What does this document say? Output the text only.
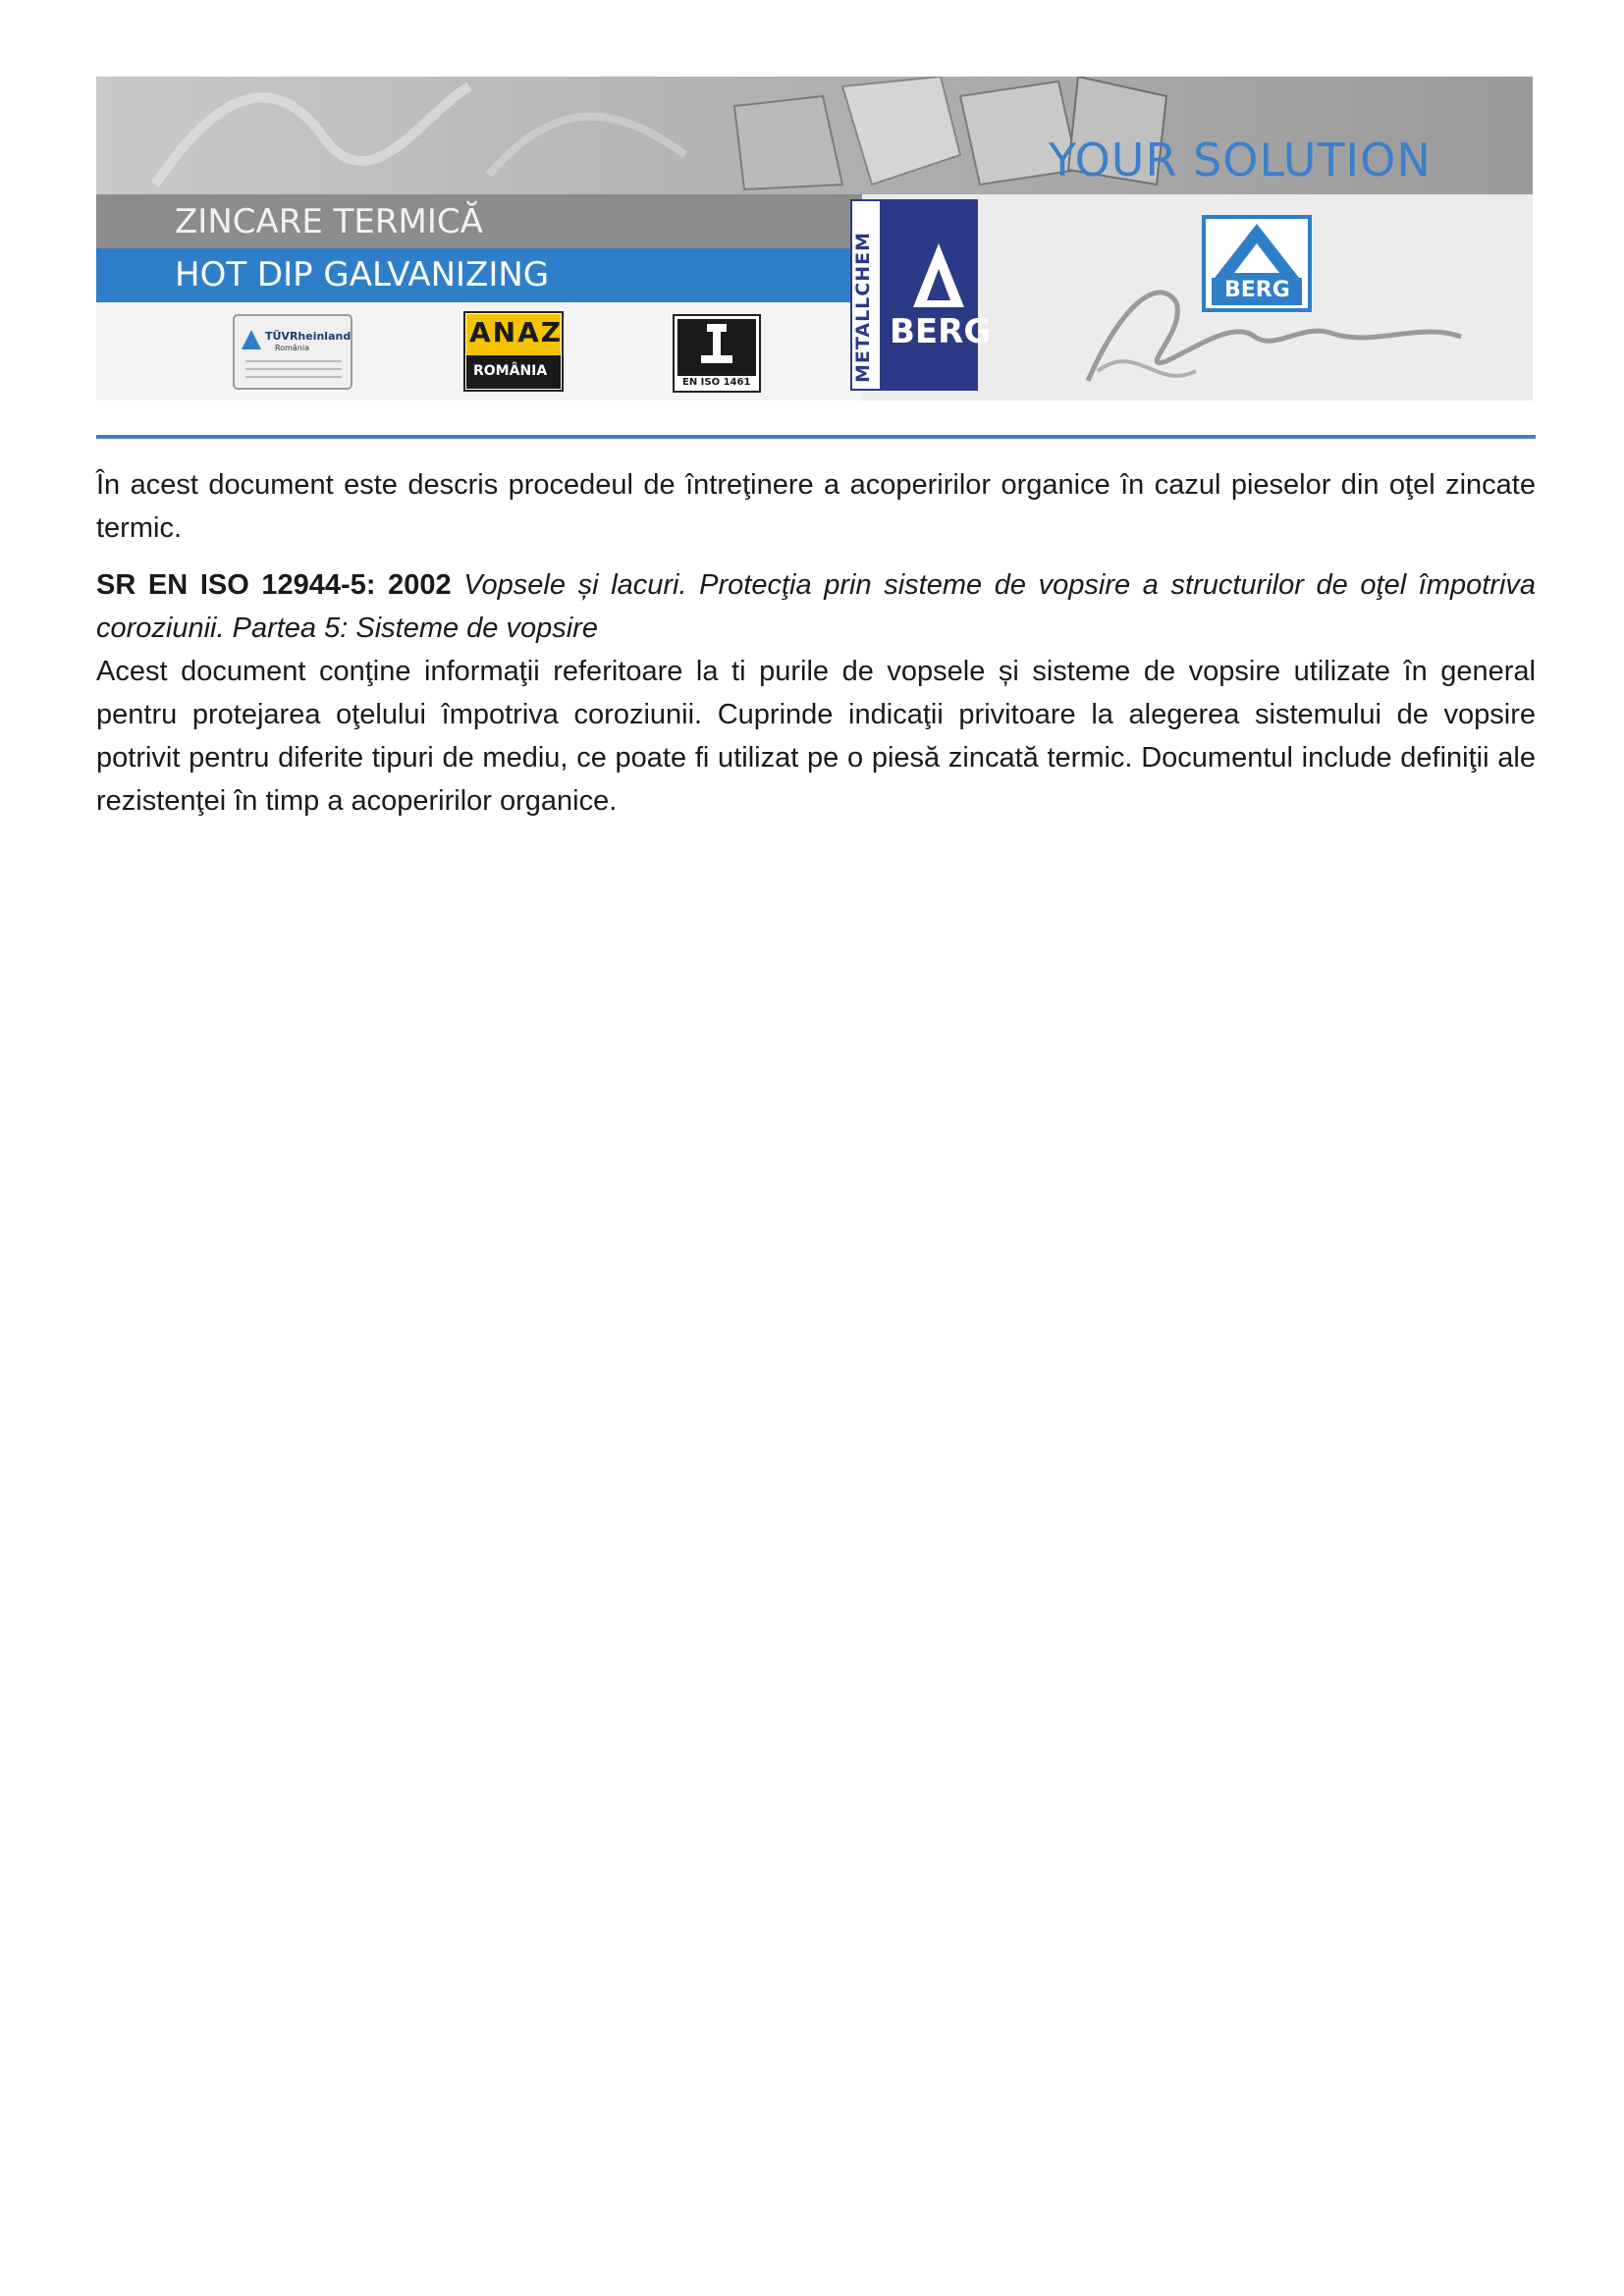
YOUR SOLUTION
ZINCARE TERMICĂ
HOT DIP GALVANIZING
TÜVRheinland
România	ANAZ
ROMÂNIA
EN ISO 1461	METALLCHEM BERG
BERG

În acest document este descris procedeul de întreţinere a acoperirilor organice în cazul pieselor din oţel zincate termic.

SR EN ISO 12944-5: 2002 Vopsele și lacuri. Protecţia prin sisteme de vopsire a structurilor de oţel împotriva coroziunii. Partea 5: Sisteme de vopsire

Acest document conţine informaţii referitoare la ti purile de vopsele și sisteme de vopsire utilizate în general pentru protejarea oţelului împotriva coroziunii. Cuprinde indicaţii privitoare la alegerea sistemului de vopsire potrivit pentru diferite tipuri de mediu, ce poate fi utilizat pe o piesă zincată termic. Documentul include definiţii ale rezistenţei în timp a acoperirilor organice.
